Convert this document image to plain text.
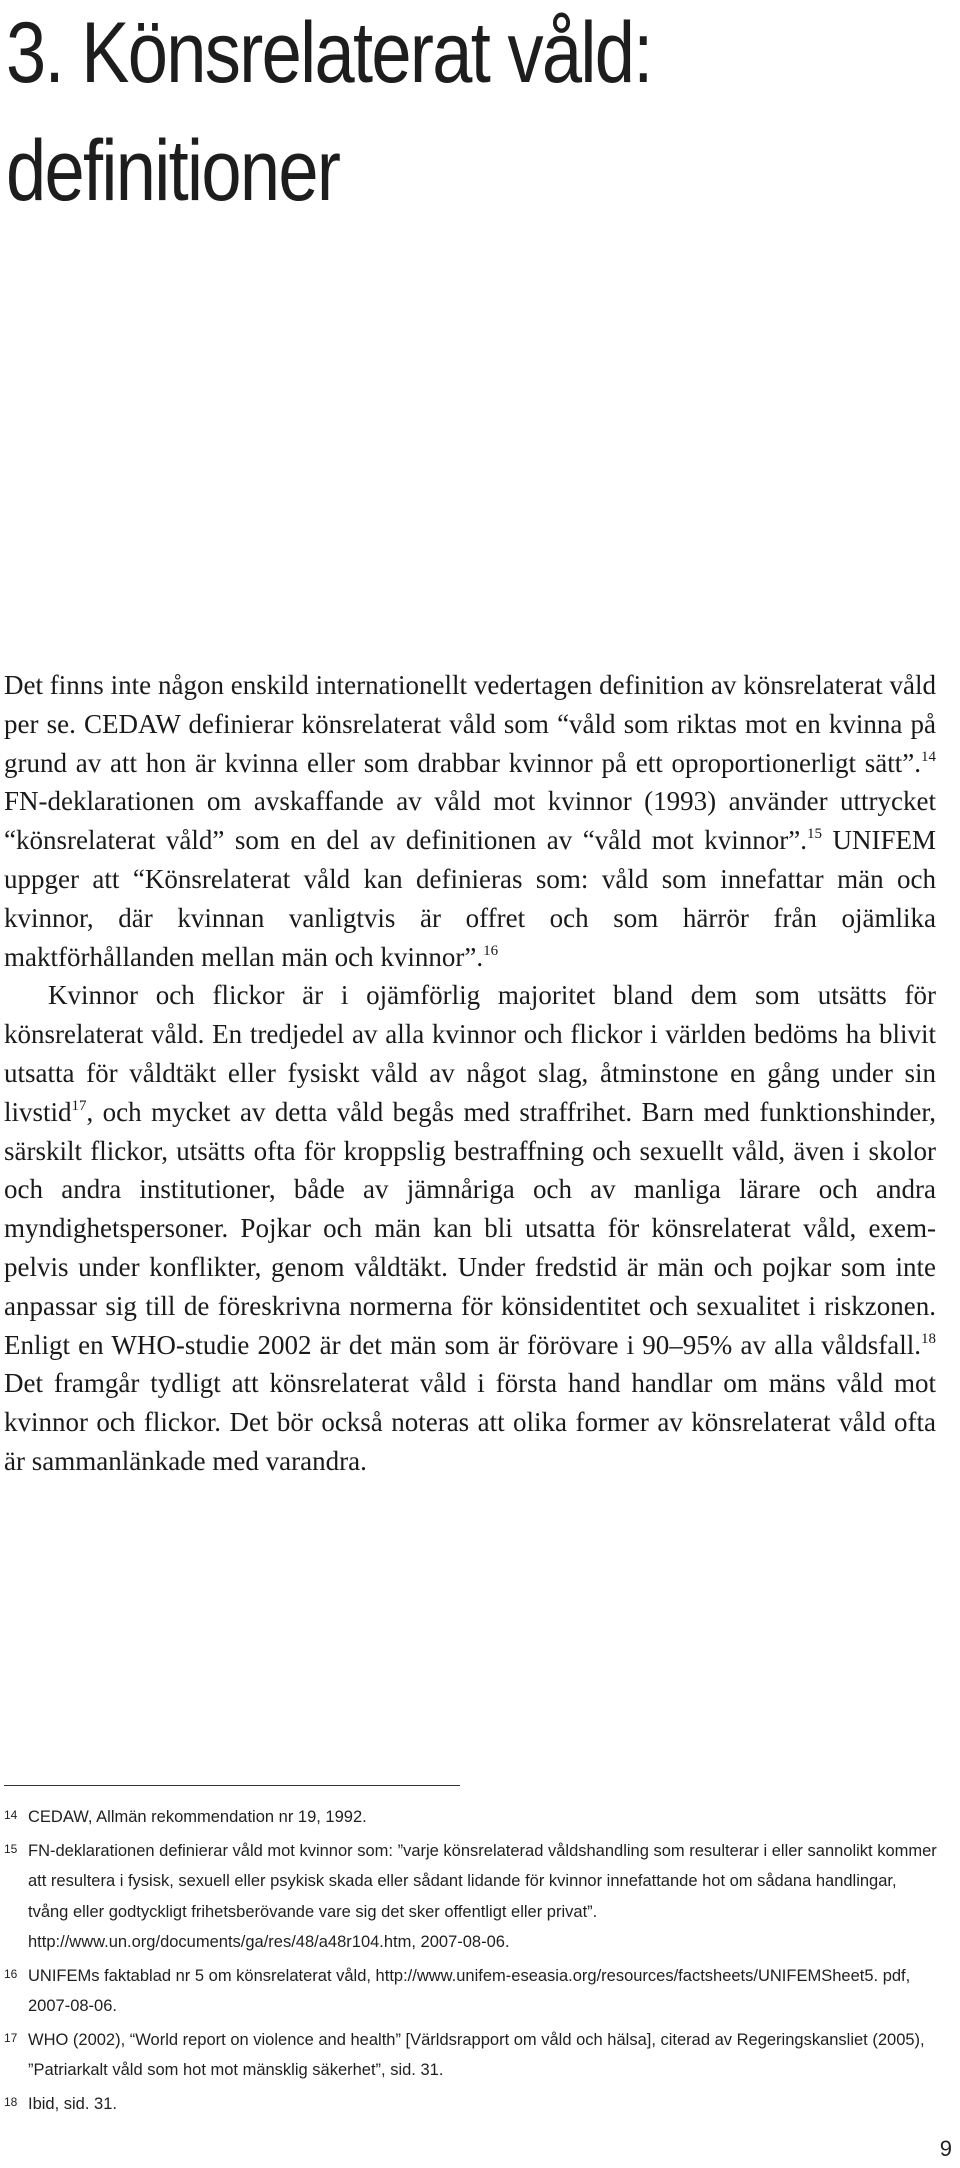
3. Könsrelaterat våld:
definitioner

Det finns inte någon enskild internationellt vedertagen definition av könsrelaterat våld per se. CEDAW definierar könsrelaterat våld som “våld som riktas mot en kvinna på grund av att hon är kvinna eller som drabbar kvinnor på ett oproportionerligt sätt”.$^{14}$ FN-deklarationen om avskaffande av våld mot kvinnor (1993) använder uttrycket “könsrelaterat våld” som en del av definitionen av “våld mot kvinnor”.$^{15}$ UNIFEM uppger att “Könsrelaterat våld kan definieras som: våld som innefattar män och kvinnor, där kvinnan vanligtvis är offret och som härrör från ojämlika maktförhållanden mellan män och kvinnor”.$^{16}$

Kvinnor och flickor är i ojämförlig majoritet bland dem som utsätts för könsrelaterat våld. En tredjedel av alla kvinnor och flickor i världen bedöms ha blivit utsatta för våldtäkt eller fysiskt våld av något slag, åtminstone en gång under sin livstid$^{17}$, och mycket av detta våld begås med straffrihet. Barn med funktionshinder, särskilt flickor, utsätts ofta för kroppslig bestraffning och sexuellt våld, även i skolor och andra institutioner, både av jämnåriga och av manliga lärare och andra myndighetspersoner. Pojkar och män kan bli utsatta för könsrelaterat våld, exempelvis under konflikter, genom våldtäkt. Under fredstid är män och pojkar som inte anpassar sig till de föreskrivna normerna för könsidentitet och sexualitet i riskzonen. Enligt en WHO-studie 2002 är det män som är förövare i 90–95% av alla våldsfall.$^{18}$ Det framgår tydligt att könsrelaterat våld i första hand handlar om mäns våld mot kvinnor och flickor. Det bör också noteras att olika former av könsrelaterat våld ofta är sammanlänkade med varandra.

14 CEDAW, Allmän rekommendation nr 19, 1992.
15 FN-deklarationen definierar våld mot kvinnor som: ”varje könsrelaterad våldshandling som resulterar i eller sannolikt kommer att resultera i fysisk, sexuell eller psykisk skada eller sådant lidande för kvinnor innefattande hot om sådana handlingar, tvång eller godtyckligt frihetsberövande vare sig det sker offentligt eller privat”. http://www.un.org/documents/ga/res/48/a48r104.htm, 2007-08-06.
16 UNIFEMs faktablad nr 5 om könsrelaterat våld, http://www.unifem-eseasia.org/resources/factsheets/UNIFEMSheet5. pdf, 2007-08-06.
17 WHO (2002), “World report on violence and health” [Världsrapport om våld och hälsa], citerad av Regeringskansliet (2005), ”Patriarkalt våld som hot mot mänsklig säkerhet”, sid. 31.
18 Ibid, sid. 31.
9
